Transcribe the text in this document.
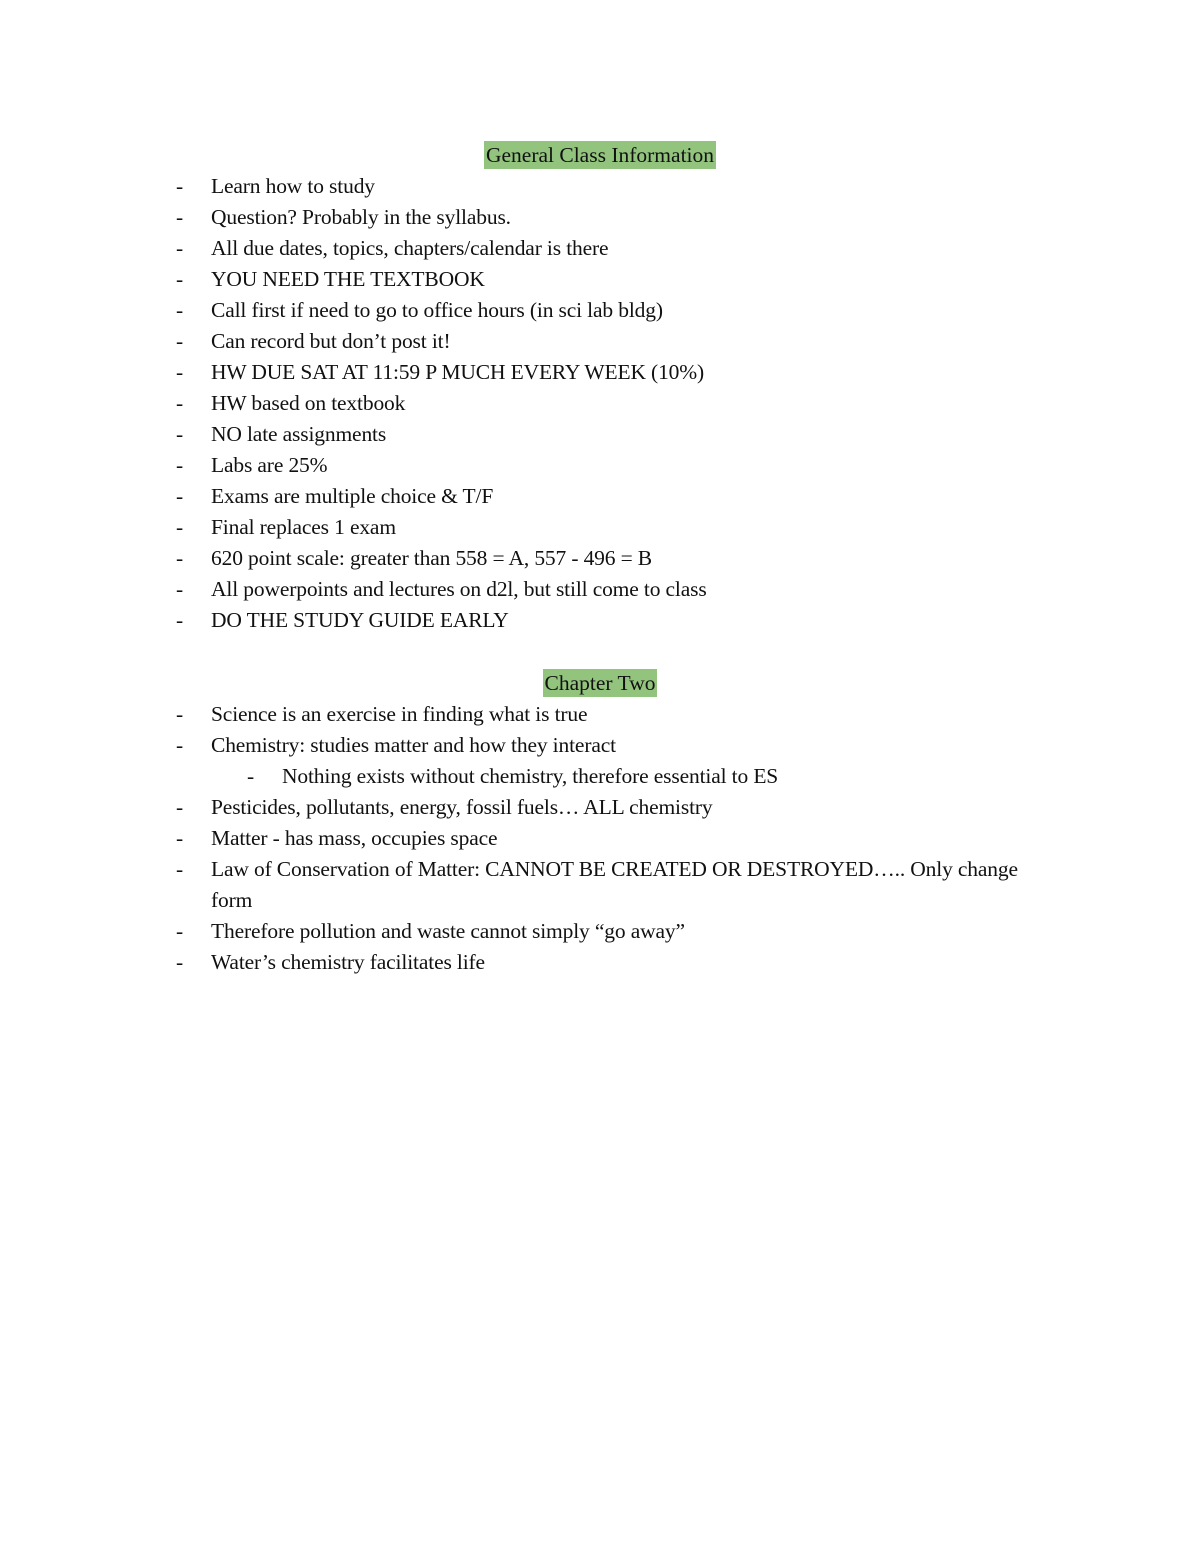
General Class Information
- Learn how to study
- Question? Probably in the syllabus.
- All due dates, topics, chapters/calendar is there
- YOU NEED THE TEXTBOOK
- Call first if need to go to office hours (in sci lab bldg)
- Can record but don’t post it!
- HW DUE SAT AT 11:59 P MUCH EVERY WEEK (10%)
- HW based on textbook
- NO late assignments
- Labs are 25%
- Exams are multiple choice & T/F
- Final replaces 1 exam
- 620 point scale: greater than 558 = A, 557 - 496 = B
- All powerpoints and lectures on d2l, but still come to class
- DO THE STUDY GUIDE EARLY
Chapter Two
- Science is an exercise in finding what is true
- Chemistry: studies matter and how they interact
- Nothing exists without chemistry, therefore essential to ES
- Pesticides, pollutants, energy, fossil fuels… ALL chemistry
- Matter - has mass, occupies space
- Law of Conservation of Matter: CANNOT BE CREATED OR DESTROYED….. Only change form
- Therefore pollution and waste cannot simply “go away”
- Water’s chemistry facilitates life
